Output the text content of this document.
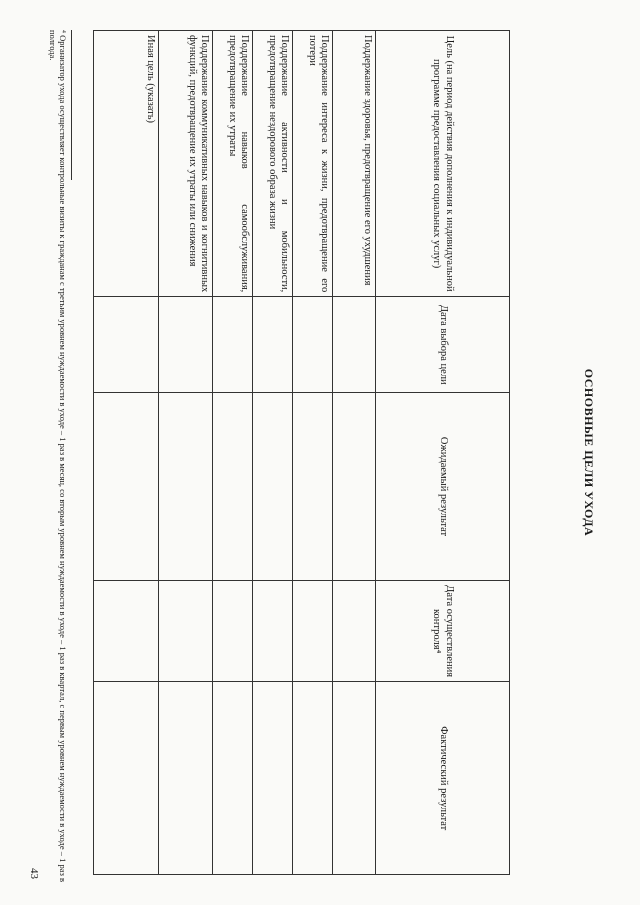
ОСНОВНЫЕ ЦЕЛИ УХОДА
Цель (на период действия дополнения к индивидуальной программе предоставления социальных услуг)	Дата выбора цели	Ожидаемый результат	Дата осуществления контроля⁴	Фактический результат
Поддержание здоровья, предотвращение его ухудшения				
Поддержание интереса к жизни, предотвращение его потери				
Поддержание активности и мобильности, предотвращение нездорового образа жизни				
Поддержание навыков самообслуживания, предотвращение их утраты				
Поддержание коммуникативных навыков и когнитивных функций, предотвращение их утраты или снижения				
Иная цель (указать)				
⁴ Организатор ухода осуществляет контрольные визиты к гражданам с третьим уровнем нуждаемости в уходе – 1 раз в месяц, со вторым уровнем нуждаемости в уходе – 1 раз в квартал, с первым уровнем нуждаемости в уходе – 1 раз в полгода.
43
